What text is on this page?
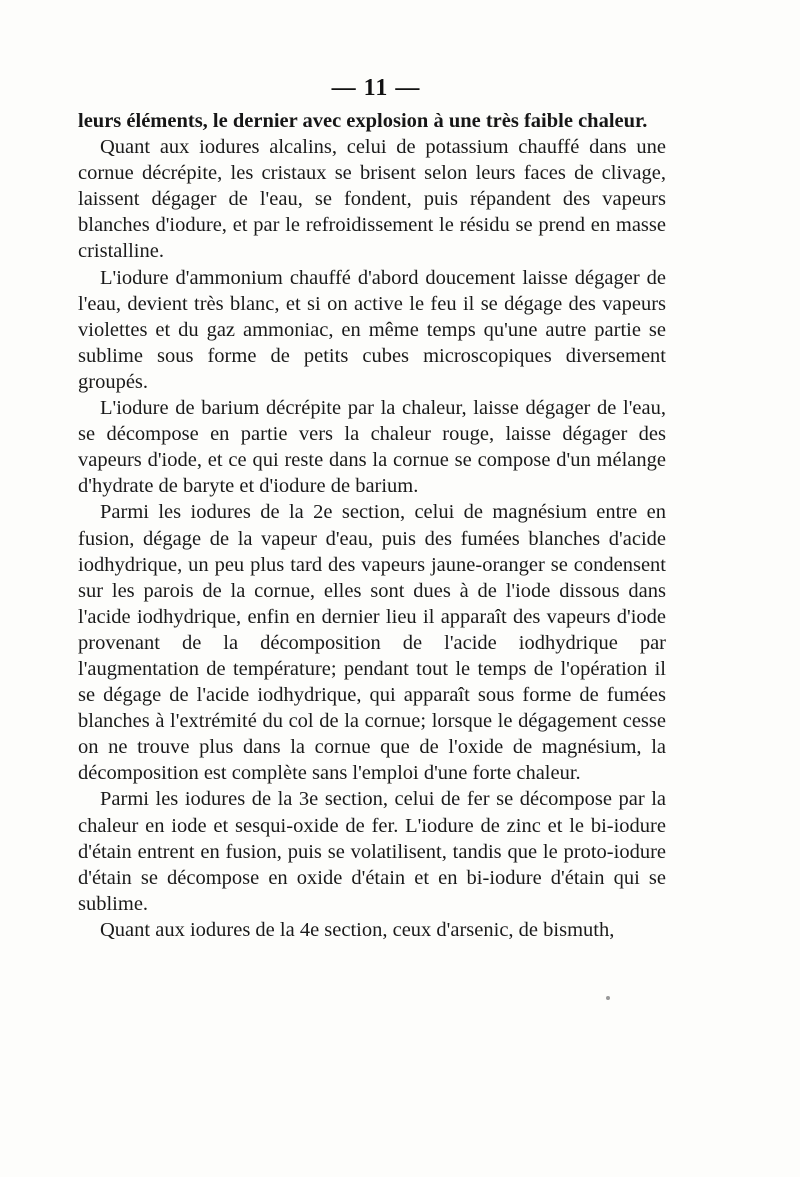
— 11 —

leurs éléments, le dernier avec explosion à une très faible chaleur.

Quant aux iodures alcalins, celui de potassium chauffé dans une cornue décrépite, les cristaux se brisent selon leurs faces de clivage, laissent dégager de l'eau, se fondent, puis répandent des vapeurs blanches d'iodure, et par le refroidissement le résidu se prend en masse cristalline.

L'iodure d'ammonium chauffé d'abord doucement laisse dégager de l'eau, devient très blanc, et si on active le feu il se dégage des vapeurs violettes et du gaz ammoniac, en même temps qu'une autre partie se sublime sous forme de petits cubes microscopiques diversement groupés.

L'iodure de barium décrépite par la chaleur, laisse dégager de l'eau, se décompose en partie vers la chaleur rouge, laisse dégager des vapeurs d'iode, et ce qui reste dans la cornue se compose d'un mélange d'hydrate de baryte et d'iodure de barium.

Parmi les iodures de la 2e section, celui de magnésium entre en fusion, dégage de la vapeur d'eau, puis des fumées blanches d'acide iodhydrique, un peu plus tard des vapeurs jaune-oranger se condensent sur les parois de la cornue, elles sont dues à de l'iode dissous dans l'acide iodhydrique, enfin en dernier lieu il apparaît des vapeurs d'iode provenant de la décomposition de l'acide iodhydrique par l'augmentation de température; pendant tout le temps de l'opération il se dégage de l'acide iodhydrique, qui apparaît sous forme de fumées blanches à l'extrémité du col de la cornue; lorsque le dégagement cesse on ne trouve plus dans la cornue que de l'oxide de magnésium, la décomposition est complète sans l'emploi d'une forte chaleur.

Parmi les iodures de la 3e section, celui de fer se décompose par la chaleur en iode et sesqui-oxide de fer. L'iodure de zinc et le bi-iodure d'étain entrent en fusion, puis se volatilisent, tandis que le proto-iodure d'étain se décompose en oxide d'étain et en bi-iodure d'étain qui se sublime.

Quant aux iodures de la 4e section, ceux d'arsenic, de bismuth,
